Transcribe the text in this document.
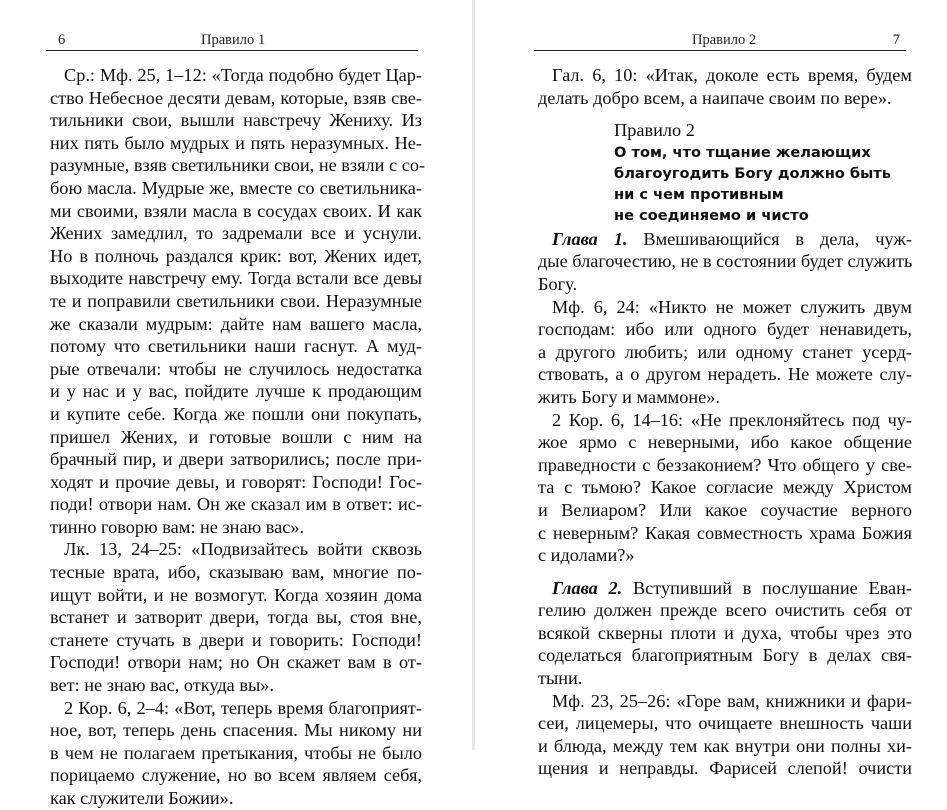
6	Правило 1
Ср.: Мф. 25, 1–12: «Тогда подобно будет Цар-
ство Небесное десяти девам, которые, взяв све-
тильники свои, вышли навстречу Жениху. Из
них пять было мудрых и пять неразумных. Не-
разумные, взяв светильники свои, не взяли с со-
бою масла. Мудрые же, вместе со светильника-
ми своими, взяли масла в сосудах своих. И как
Жених замедлил, то задремали все и уснули.
Но в полночь раздался крик: вот, Жених идет,
выходите навстречу ему. Тогда встали все девы
те и поправили светильники свои. Неразумные
же сказали мудрым: дайте нам вашего масла,
потому что светильники наши гаснут. А муд-
рые отвечали: чтобы не случилось недостатка
и у нас и у вас, пойдите лучше к продающим
и купите себе. Когда же пошли они покупать,
пришел Жених, и готовые вошли с ним на
брачный пир, и двери затворились; после при-
ходят и прочие девы, и говорят: Господи! Гос-
поди! отвори нам. Он же сказал им в ответ: ис-
тинно говорю вам: не знаю вас».
Лк. 13, 24–25: «Подвизайтесь войти сквозь
тесные врата, ибо, сказываю вам, многие по-
ищут войти, и не возмогут. Когда хозяин дома
встанет и затворит двери, тогда вы, стоя вне,
станете стучать в двери и говорить: Господи!
Господи! отвори нам; но Он скажет вам в от-
вет: не знаю вас, откуда вы».
2 Кор. 6, 2–4: «Вот, теперь время благоприят-
ное, вот, теперь день спасения. Мы никому ни
в чем не полагаем претыкания, чтобы не было
порицаемо служение, но во всем являем себя,
как служители Божии».
Правило 2	7
Гал. 6, 10: «Итак, доколе есть время, будем
делать добро всем, а наипаче своим по вере».
Правило 2
О том, что тщание желающих
благоугодить Богу должно быть
ни с чем противным
не соединяемо и чисто
Глава 1. Вмешивающийся в дела, чуж-
дые благочестию, не в состоянии будет служить
Богу.
Мф. 6, 24: «Никто не может служить двум
господам: ибо или одного будет ненавидеть,
а другого любить; или одному станет усерд-
ствовать, а о другом нерадеть. Не можете слу-
жить Богу и маммоне».
2 Кор. 6, 14–16: «Не преклоняйтесь под чу-
жое ярмо с неверными, ибо какое общение
праведности с беззаконием? Что общего у све-
та с тьмою? Какое согласие между Христом
и Велиаром? Или какое соучастие верного
с неверным? Какая совместность храма Божия
с идолами?»
Глава 2. Вступивший в послушание Еван-
гелию должен прежде всего очистить себя от
всякой скверны плоти и духа, чтобы чрез это
соделаться благоприятным Богу в делах свя-
тыни.
Мф. 23, 25–26: «Горе вам, книжники и фари-
сеи, лицемеры, что очищаете внешность чаши
и блюда, между тем как внутри они полны хи-
щения и неправды. Фарисей слепой! очисти
